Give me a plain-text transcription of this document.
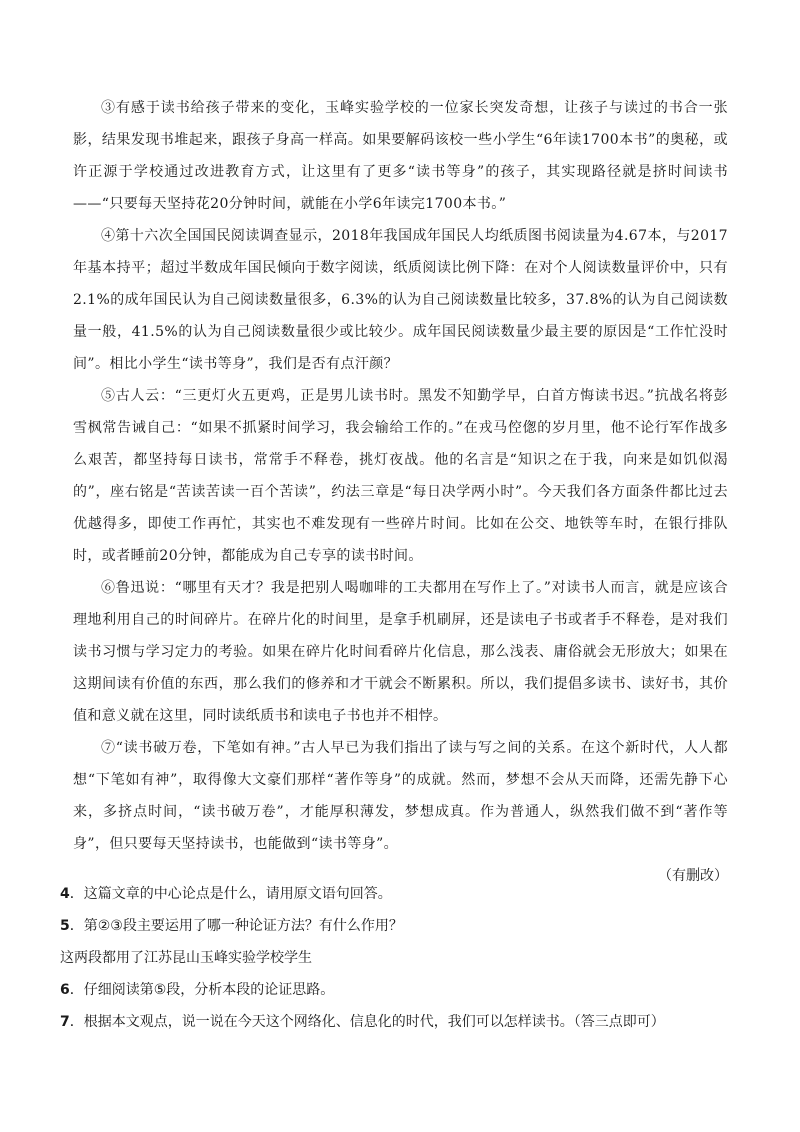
③有感于读书给孩子带来的变化，玉峰实验学校的一位家长突发奇想，让孩子与读过的书合一张影，结果发现书堆起来，跟孩子身高一样高。如果要解码该校一些小学生“6年读1700本书”的奥秘，或许正源于学校通过改进教育方式，让这里有了更多“读书等身”的孩子，其实现路径就是挤时间读书——“只要每天坚持花20分钟时间，就能在小学6年读完1700本书。”

④第十六次全国国民阅读调查显示，2018年我国成年国民人均纸质图书阅读量为4.67本，与2017年基本持平；超过半数成年国民倾向于数字阅读，纸质阅读比例下降：在对个人阅读数量评价中，只有2.1%的成年国民认为自己阅读数量很多，6.3%的认为自己阅读数量比较多，37.8%的认为自己阅读数量一般，41.5%的认为自己阅读数量很少或比较少。成年国民阅读数量少最主要的原因是“工作忙没时间”。相比小学生“读书等身”，我们是否有点汗颜？

⑤古人云：“三更灯火五更鸡，正是男儿读书时。黑发不知勤学早，白首方悔读书迟。”抗战名将彭雪枫常告诫自己：“如果不抓紧时间学习，我会输给工作的。”在戎马倥偬的岁月里，他不论行军作战多么艰苦，都坚持每日读书，常常手不释卷，挑灯夜战。他的名言是“知识之在于我，向来是如饥似渴的”，座右铭是“苦读苦读一百个苦读”，约法三章是“每日决学两小时”。今天我们各方面条件都比过去优越得多，即使工作再忙，其实也不难发现有一些碎片时间。比如在公交、地铁等车时，在银行排队时，或者睡前20分钟，都能成为自己专享的读书时间。

⑥鲁迅说：“哪里有天才？我是把别人喝咖啡的工夫都用在写作上了。”对读书人而言，就是应该合理地利用自己的时间碎片。在碎片化的时间里，是拿手机刷屏，还是读电子书或者手不释卷，是对我们读书习惯与学习定力的考验。如果在碎片化时间看碎片化信息，那么浅表、庸俗就会无形放大；如果在这期间读有价值的东西，那么我们的修养和才干就会不断累积。所以，我们提倡多读书、读好书，其价值和意义就在这里，同时读纸质书和读电子书也并不相悖。

⑦“读书破万卷，下笔如有神。”古人早已为我们指出了读与写之间的关系。在这个新时代，人人都想“下笔如有神”，取得像大文豪们那样“著作等身”的成就。然而，梦想不会从天而降，还需先静下心来，多挤点时间，“读书破万卷”，才能厚积薄发，梦想成真。作为普通人，纵然我们做不到“著作等身”，但只要每天坚持读书，也能做到“读书等身”。

（有删改）

4．这篇文章的中心论点是什么，请用原文语句回答。

5．第②③段主要运用了哪一种论证方法？有什么作用？

这两段都用了江苏昆山玉峰实验学校学生

6．仔细阅读第⑤段，分析本段的论证思路。

7．根据本文观点，说一说在今天这个网络化、信息化的时代，我们可以怎样读书。（答三点即可）
